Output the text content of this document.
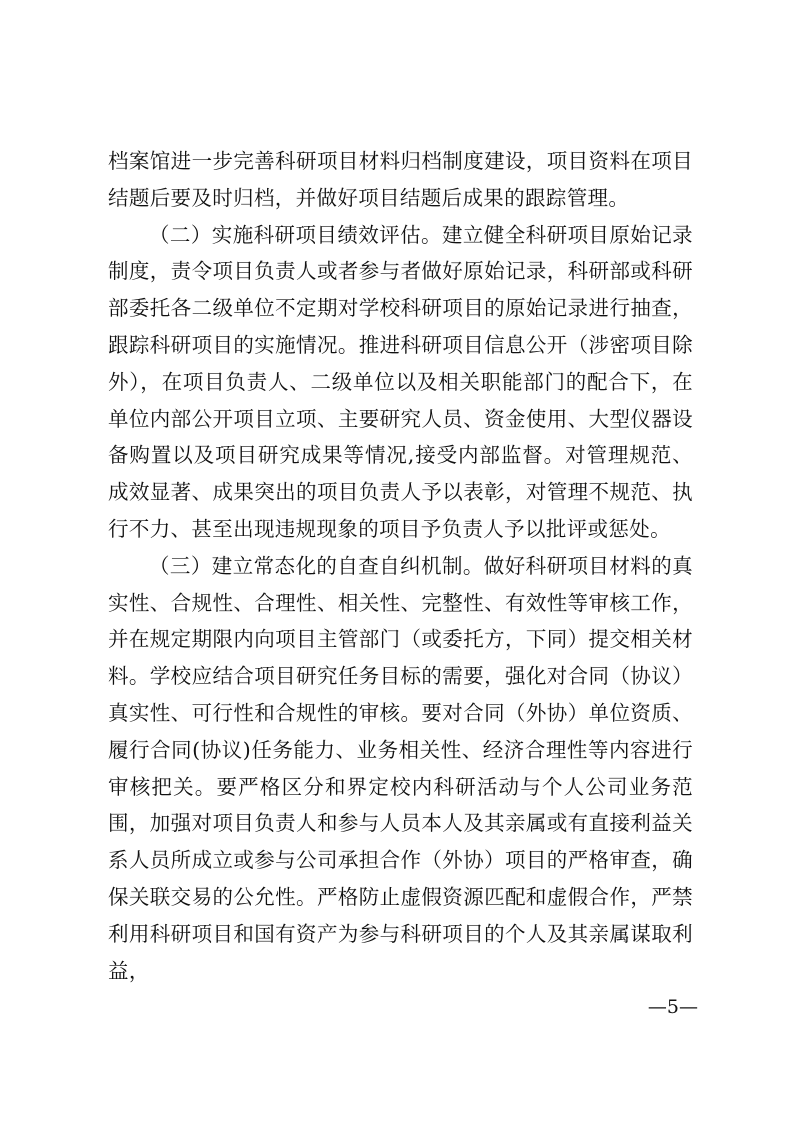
档案馆进一步完善科研项目材料归档制度建设，项目资料在项目结题后要及时归档，并做好项目结题后成果的跟踪管理。

（二）实施科研项目绩效评估。建立健全科研项目原始记录制度，责令项目负责人或者参与者做好原始记录，科研部或科研部委托各二级单位不定期对学校科研项目的原始记录进行抽查，跟踪科研项目的实施情况。推进科研项目信息公开（涉密项目除外），在项目负责人、二级单位以及相关职能部门的配合下，在单位内部公开项目立项、主要研究人员、资金使用、大型仪器设备购置以及项目研究成果等情况,接受内部监督。对管理规范、成效显著、成果突出的项目负责人予以表彰，对管理不规范、执行不力、甚至出现违规现象的项目予负责人予以批评或惩处。

（三）建立常态化的自查自纠机制。做好科研项目材料的真实性、合规性、合理性、相关性、完整性、有效性等审核工作，并在规定期限内向项目主管部门（或委托方，下同）提交相关材料。学校应结合项目研究任务目标的需要，强化对合同（协议）真实性、可行性和合规性的审核。要对合同（外协）单位资质、履行合同(协议)任务能力、业务相关性、经济合理性等内容进行审核把关。要严格区分和界定校内科研活动与个人公司业务范围，加强对项目负责人和参与人员本人及其亲属或有直接利益关系人员所成立或参与公司承担合作（外协）项目的严格审查，确保关联交易的公允性。严格防止虚假资源匹配和虚假合作，严禁利用科研项目和国有资产为参与科研项目的个人及其亲属谋取利益，

—5—
